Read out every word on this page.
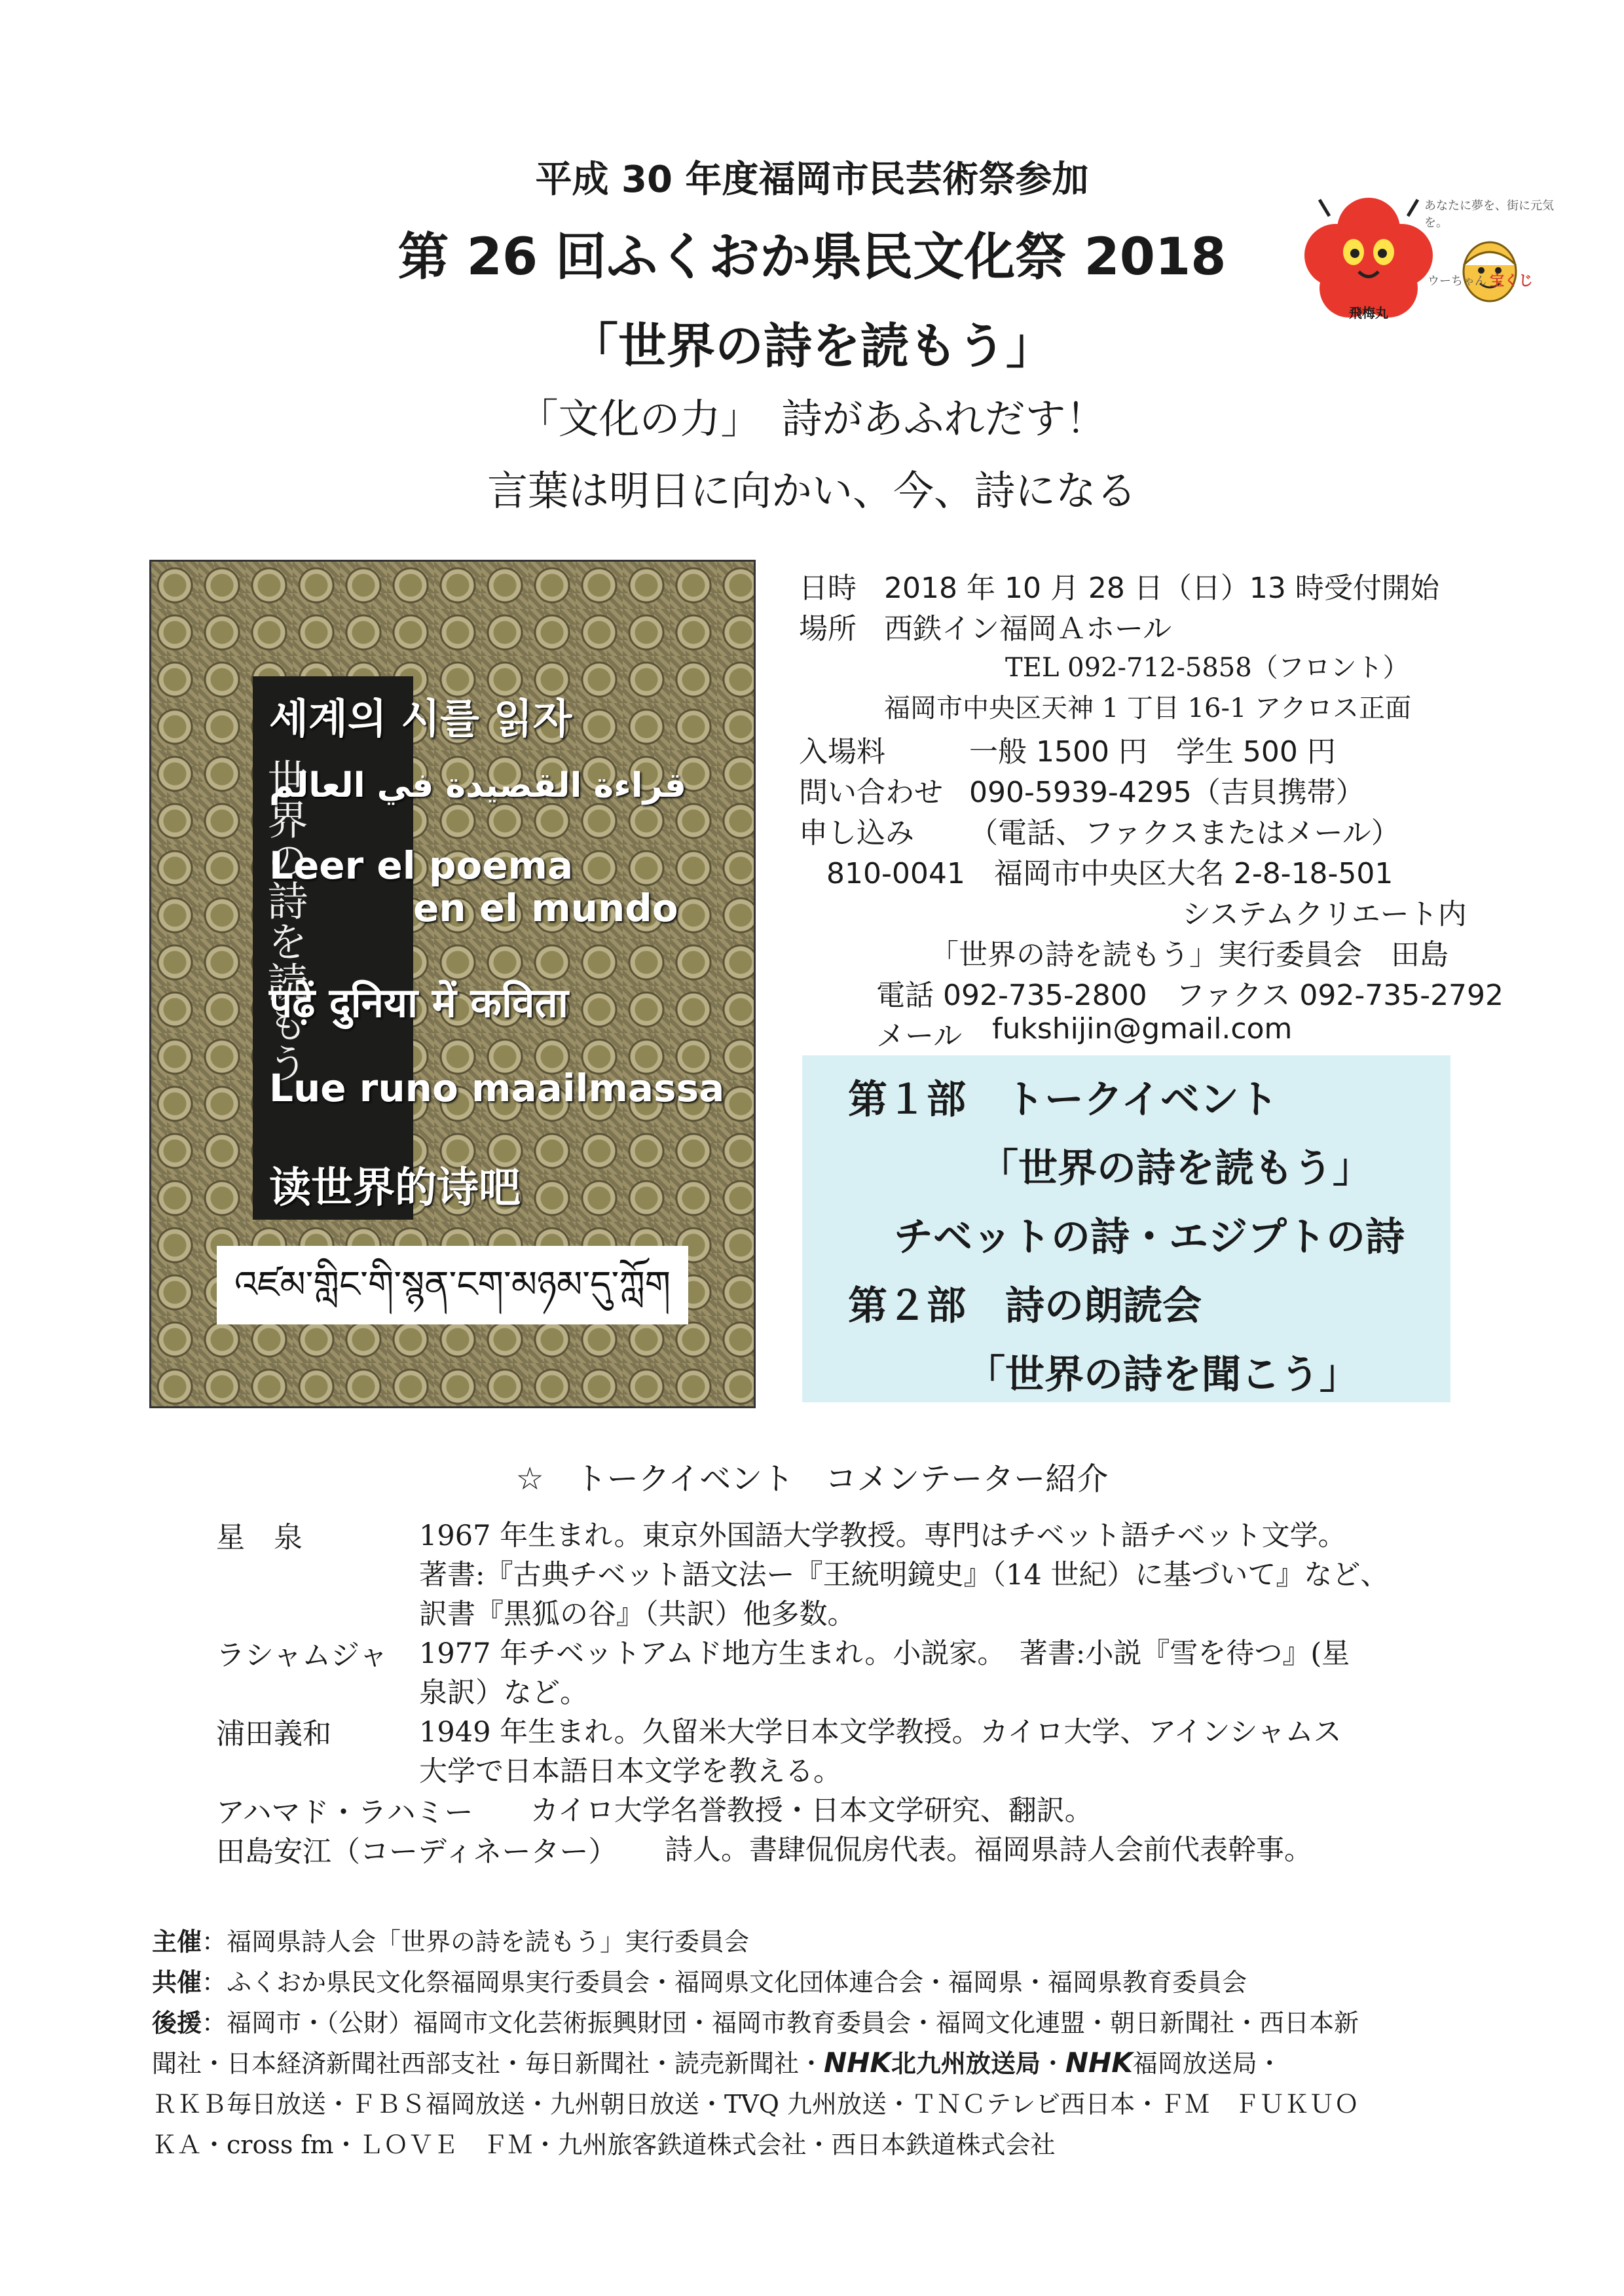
平成 30 年度福岡市民芸術祭参加
第 26 回ふくおか県民文化祭 2018
「世界の詩を読もう」
「文化の力」　詩があふれだす！
言葉は明日に向かい、今、詩になる
飛梅丸
あなたに夢を、街に元気を。
ウーちゃん 宝くじ
世界の詩を読もう
세계의 시를 읽자
قراءة القصيدة في العالم
Leer el poema
en el mundo
पढ़ें दुनिया में कविता
Lue runo maailmassa
读世界的诗吧
འཛམ་གླིང་གི་སྙན་ངག་མཉམ་དུ་ཀློག
日時 2018 年 10 月 28 日（日）13 時受付開始
場所 西鉄イン福岡Ａホール
TEL 092-712-5858（フロント）
福岡市中央区天神 1 丁目 16-1 アクロス正面
入場料	一般 1500 円　学生 500 円
問い合わせ 090-5939-4295（吉貝携帯）
申し込み （電話、ファクスまたはメール）
810-0041　福岡市中央区大名 2-8-18-501
システムクリエート内
「世界の詩を読もう」実行委員会　田島
電話 092-735-2800　ファクス 092-735-2792
メール fukshijin@gmail.com
第１部　トークイベント
「世界の詩を読もう」
チベットの詩・エジプトの詩
第２部　詩の朗読会
「世界の詩を聞こう」
☆　トークイベント　コメンテーター紹介
星　泉	1967 年生まれ。東京外国語大学教授。専門はチベット語チベット文学。
著書:『古典チベット語文法ー『王統明鏡史』（14 世紀）に基づいて』など、
訳書『黒狐の谷』（共訳）他多数。
ラシャムジャ 1977 年チベットアムド地方生まれ。小説家。　著書:小説『雪を待つ』(星
泉訳）など。
浦田義和	1949 年生まれ。久留米大学日本文学教授。カイロ大学、アインシャムス
大学で日本語日本文学を教える。
アハマド・ラハミー カイロ大学名誉教授・日本文学研究、翻訳。
田島安江（コーディネーター） 詩人。書肆侃侃房代表。福岡県詩人会前代表幹事。
主催：福岡県詩人会「世界の詩を読もう」実行委員会
共催：ふくおか県民文化祭福岡県実行委員会・福岡県文化団体連合会・福岡県・福岡県教育委員会
後援：福岡市・（公財）福岡市文化芸術振興財団・福岡市教育委員会・福岡文化連盟・朝日新聞社・西日本新
聞社・日本経済新聞社西部支社・毎日新聞社・読売新聞社・NHK北九州放送局・NHK福岡放送局・
ＲＫＢ毎日放送・ＦＢＳ福岡放送・九州朝日放送・TVQ 九州放送・ＴＮＣテレビ西日本・ＦＭ　ＦＵＫＵＯ
ＫＡ・cross fm・ＬＯＶＥ　ＦＭ・九州旅客鉄道株式会社・西日本鉄道株式会社
